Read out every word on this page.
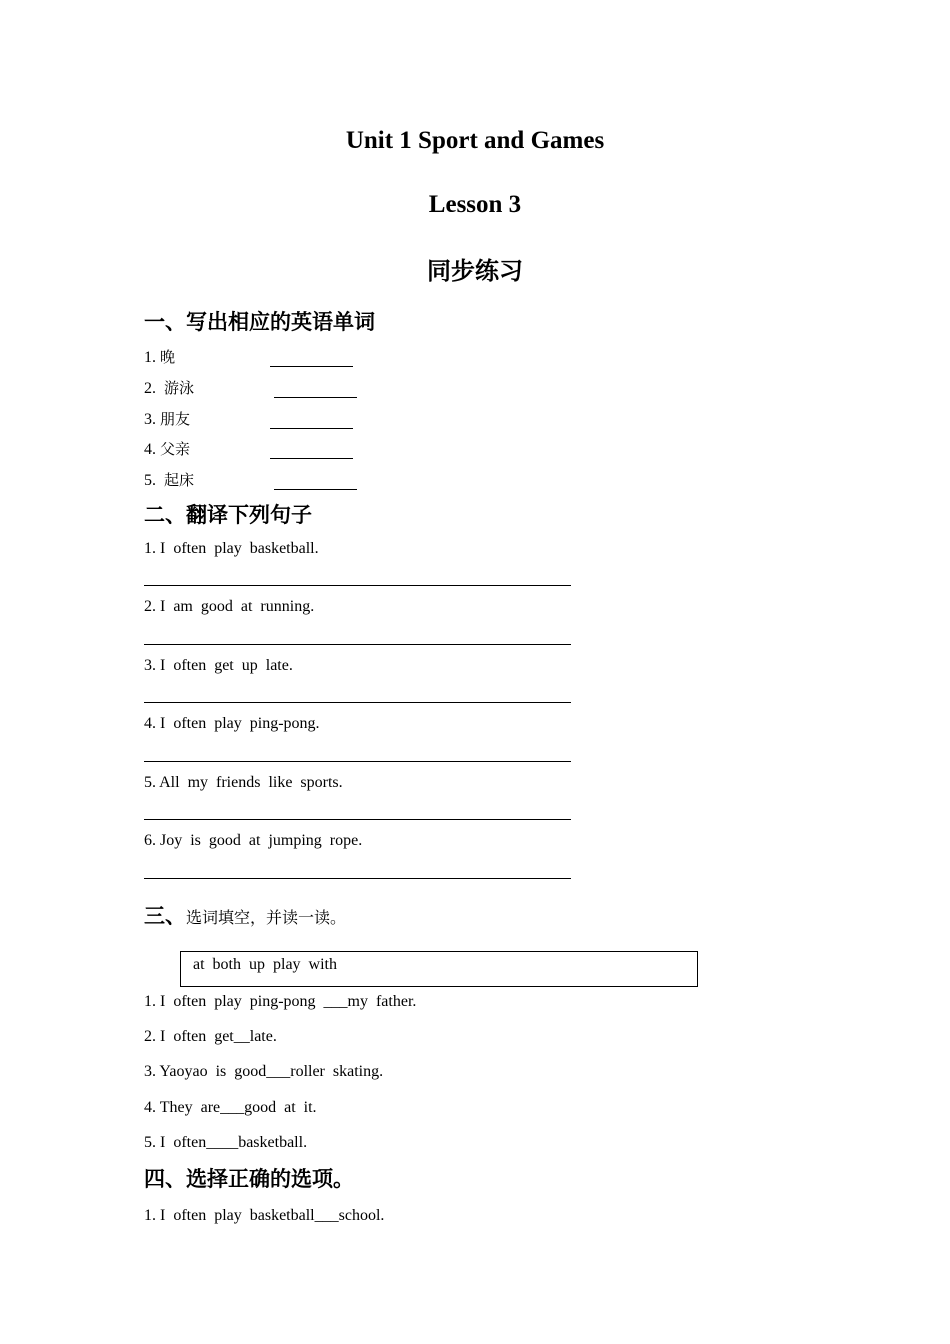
Unit 1 Sport and Games
Lesson 3
同步练习
一、写出相应的英语单词
1. 晚
2.  游泳
3. 朋友
4. 父亲
5.  起床
二、翻译下列句子
1. I  often  play  basketball.
2. I  am  good  at  running.
3. I  often  get  up  late.
4. I  often  play  ping-pong.
5. All  my  friends  like  sports.
6. Joy  is  good  at  jumping  rope.
三、选词填空，并读一读。
at  both  up  play  with
1. I  often  play  ping-pong  ___my  father.
2. I  often  get__late.
3. Yaoyao  is  good___roller  skating.
4. They  are___good  at  it.
5. I  often____basketball.
四、选择正确的选项。
1. I  often  play  basketball___school.
